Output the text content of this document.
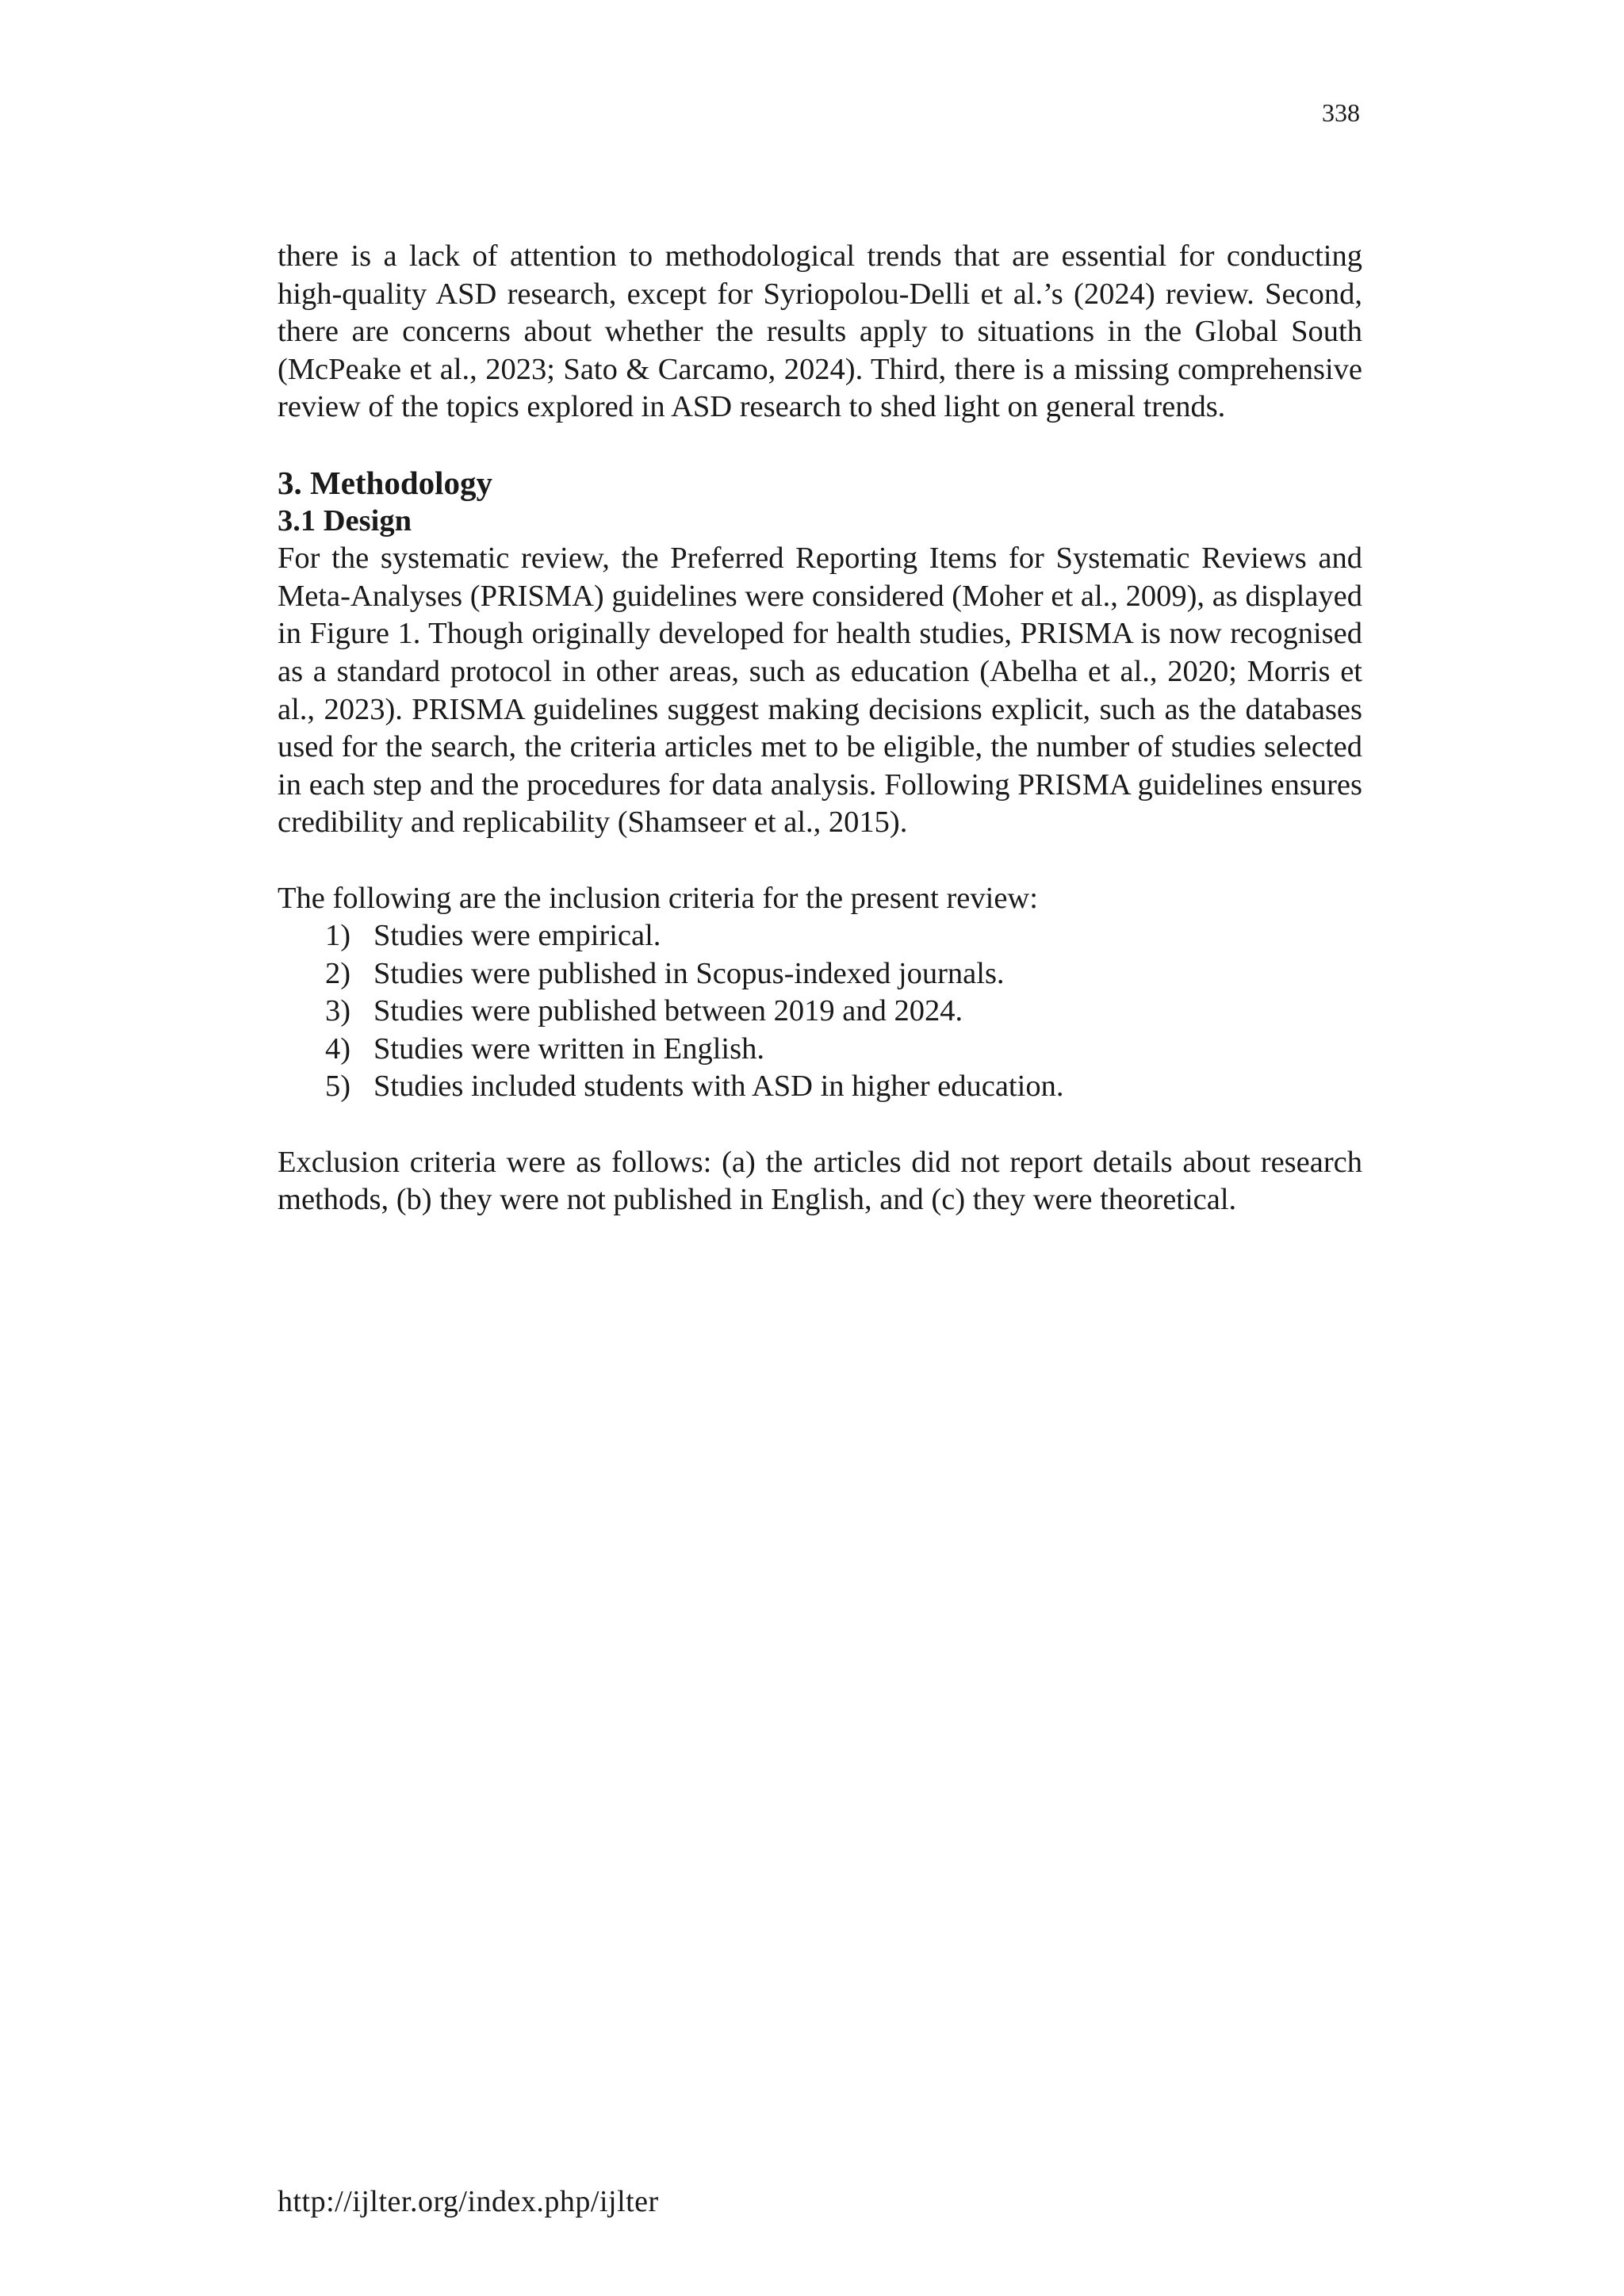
338

there is a lack of attention to methodological trends that are essential for conducting high-quality ASD research, except for Syriopolou-Delli et al.’s (2024) review. Second, there are concerns about whether the results apply to situations in the Global South (McPeake et al., 2023; Sato & Carcamo, 2024). Third, there is a missing comprehensive review of the topics explored in ASD research to shed light on general trends.

3. Methodology
3.1 Design

For the systematic review, the Preferred Reporting Items for Systematic Reviews and Meta-Analyses (PRISMA) guidelines were considered (Moher et al., 2009), as displayed in Figure 1. Though originally developed for health studies, PRISMA is now recognised as a standard protocol in other areas, such as education (Abelha et al., 2020; Morris et al., 2023). PRISMA guidelines suggest making decisions explicit, such as the databases used for the search, the criteria articles met to be eligible, the number of studies selected in each step and the procedures for data analysis. Following PRISMA guidelines ensures credibility and replicability (Shamseer et al., 2015).

The following are the inclusion criteria for the present review:

1) Studies were empirical.
2) Studies were published in Scopus-indexed journals.
3) Studies were published between 2019 and 2024.
4) Studies were written in English.
5) Studies included students with ASD in higher education.

Exclusion criteria were as follows: (a) the articles did not report details about research methods, (b) they were not published in English, and (c) they were theoretical.

http://ijlter.org/index.php/ijlter
